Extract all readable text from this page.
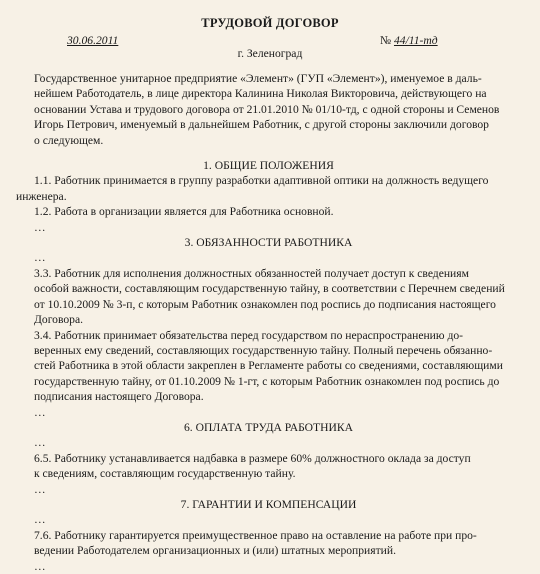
ТРУДОВОЙ ДОГОВОР
30.06.2011	№ 44/11-тд
г. Зеленоград
Государственное унитарное предприятие «Элемент» (ГУП «Элемент»), именуемое в даль-
нейшем Работодатель, в лице директора Калинина Николая Викторовича, действующего на
основании Устава и трудового договора от 21.01.2010 № 01/10-тд, с одной стороны и Семенов
Игорь Петрович, именуемый в дальнейшем Работник, с другой стороны заключили договор
о следующем.
1. ОБЩИЕ ПОЛОЖЕНИЯ
1.1. Работник принимается в группу разработки адаптивной оптики на должность ведущего
инженера.
1.2. Работа в организации является для Работника основной.
…
3. ОБЯЗАННОСТИ РАБОТНИКА
…
3.3. Работник для исполнения должностных обязанностей получает доступ к сведениям
особой важности, составляющим государственную тайну, в соответствии с Перечнем сведений
от 10.10.2009 № 3-п, с которым Работник ознакомлен под роспись до подписания настоящего
Договора.
3.4. Работник принимает обязательства перед государством по нераспространению до-
веренных ему сведений, составляющих государственную тайну. Полный перечень обязанно-
стей Работника в этой области закреплен в Регламенте работы со сведениями, составляющими
государственную тайну, от 01.10.2009 № 1-гт, с которым Работник ознакомлен под роспись до
подписания настоящего Договора.
…
6. ОПЛАТА ТРУДА РАБОТНИКА
…
6.5. Работнику устанавливается надбавка в размере 60% должностного оклада за доступ
к сведениям, составляющим государственную тайну.
…
7. ГАРАНТИИ И КОМПЕНСАЦИИ
…
7.6. Работнику гарантируется преимущественное право на оставление на работе при про-
ведении Работодателем организационных и (или) штатных мероприятий.
…
